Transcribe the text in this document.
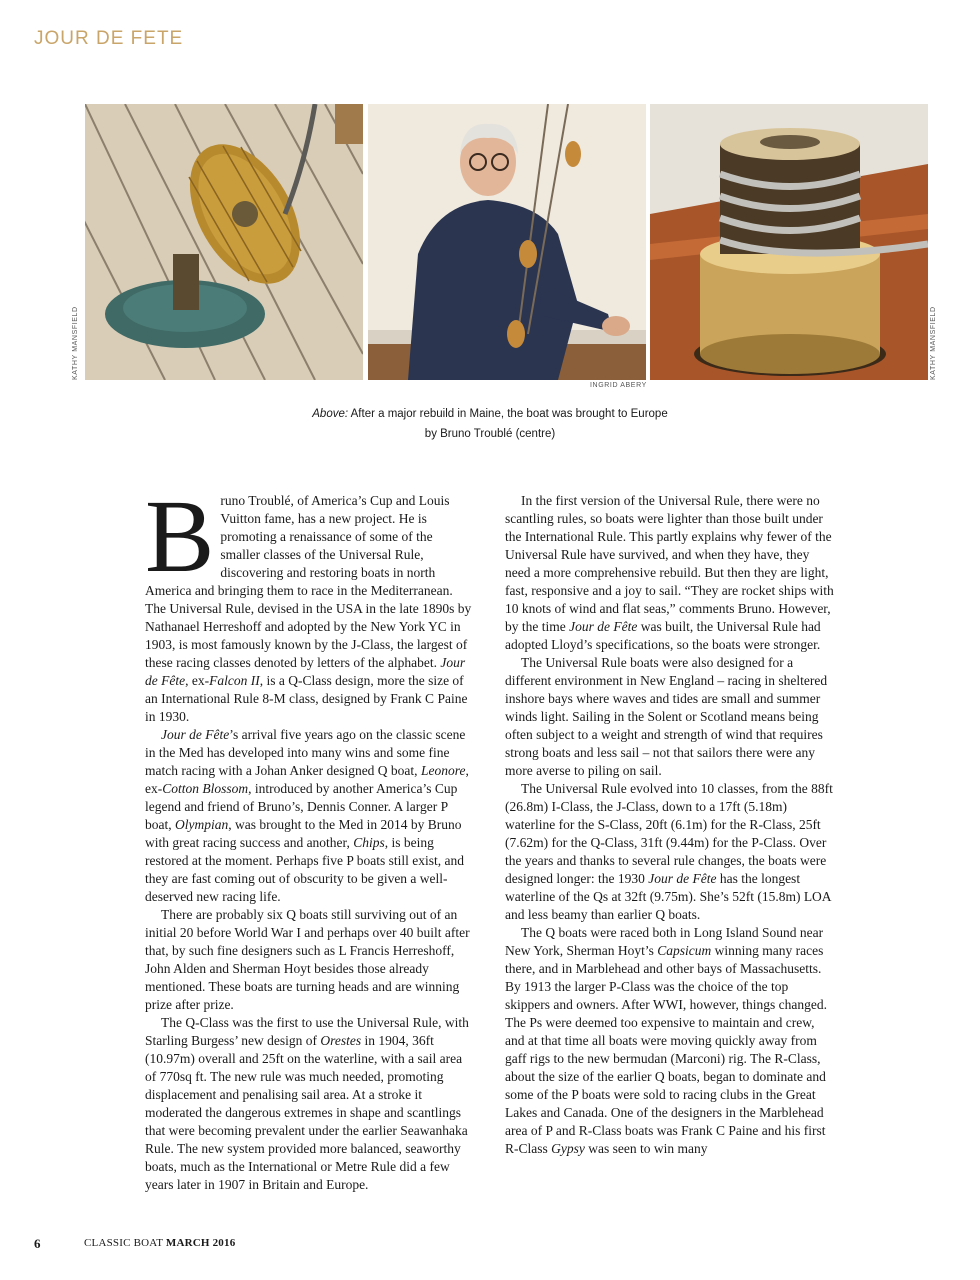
JOUR DE FETE
KATHY MANSFIELD
INGRID ABERY
KATHY MANSFIELD
Above: After a major rebuild in Maine, the boat was brought to Europe
by Bruno Troublé (centre)

Bruno Troublé, of America’s Cup and Louis Vuitton fame, has a new project. He is promoting a renaissance of some of the smaller classes of the Universal Rule, discovering and restoring boats in north America and bringing them to race in the Mediterranean. The Universal Rule, devised in the USA in the late 1890s by Nathanael Herreshoff and adopted by the New York YC in 1903, is most famously known by the J-Class, the largest of these racing classes denoted by letters of the alphabet. Jour de Fête, ex-Falcon II, is a Q-Class design, more the size of an International Rule 8-M class, designed by Frank C Paine in 1930.

Jour de Fête’s arrival five years ago on the classic scene in the Med has developed into many wins and some fine match racing with a Johan Anker designed Q boat, Leonore, ex-Cotton Blossom, introduced by another America’s Cup legend and friend of Bruno’s, Dennis Conner. A larger P boat, Olympian, was brought to the Med in 2014 by Bruno with great racing success and another, Chips, is being restored at the moment. Perhaps five P boats still exist, and they are fast coming out of obscurity to be given a well-deserved new racing life.

There are probably six Q boats still surviving out of an initial 20 before World War I and perhaps over 40 built after that, by such fine designers such as L Francis Herreshoff, John Alden and Sherman Hoyt besides those already mentioned. These boats are turning heads and are winning prize after prize.

The Q-Class was the first to use the Universal Rule, with Starling Burgess’ new design of Orestes in 1904, 36ft (10.97m) overall and 25ft on the waterline, with a sail area of 770sq ft. The new rule was much needed, promoting displacement and penalising sail area. At a stroke it moderated the dangerous extremes in shape and scantlings that were becoming prevalent under the earlier Seawanhaka Rule. The new system provided more balanced, seaworthy boats, much as the International or Metre Rule did a few years later in 1907 in Britain and Europe.

In the first version of the Universal Rule, there were no scantling rules, so boats were lighter than those built under the International Rule. This partly explains why fewer of the Universal Rule have survived, and when they have, they need a more comprehensive rebuild. But then they are light, fast, responsive and a joy to sail. “They are rocket ships with 10 knots of wind and flat seas,” comments Bruno. However, by the time Jour de Fête was built, the Universal Rule had adopted Lloyd’s specifications, so the boats were stronger.

The Universal Rule boats were also designed for a different environment in New England – racing in sheltered inshore bays where waves and tides are small and summer winds light. Sailing in the Solent or Scotland means being often subject to a weight and strength of wind that requires strong boats and less sail – not that sailors there were any more averse to piling on sail.

The Universal Rule evolved into 10 classes, from the 88ft (26.8m) I-Class, the J-Class, down to a 17ft (5.18m) waterline for the S-Class, 20ft (6.1m) for the R-Class, 25ft (7.62m) for the Q-Class, 31ft (9.44m) for the P-Class. Over the years and thanks to several rule changes, the boats were designed longer: the 1930 Jour de Fête has the longest waterline of the Qs at 32ft (9.75m). She’s 52ft (15.8m) LOA and less beamy than earlier Q boats.

The Q boats were raced both in Long Island Sound near New York, Sherman Hoyt’s Capsicum winning many races there, and in Marblehead and other bays of Massachusetts. By 1913 the larger P-Class was the choice of the top skippers and owners. After WWI, however, things changed. The Ps were deemed too expensive to maintain and crew, and at that time all boats were moving quickly away from gaff rigs to the new bermudan (Marconi) rig. The R-Class, about the size of the earlier Q boats, began to dominate and some of the P boats were sold to racing clubs in the Great Lakes and Canada. One of the designers in the Marblehead area of P and R-Class boats was Frank C Paine and his first R-Class Gypsy was seen to win many

6	CLASSIC BOAT MARCH 2016
